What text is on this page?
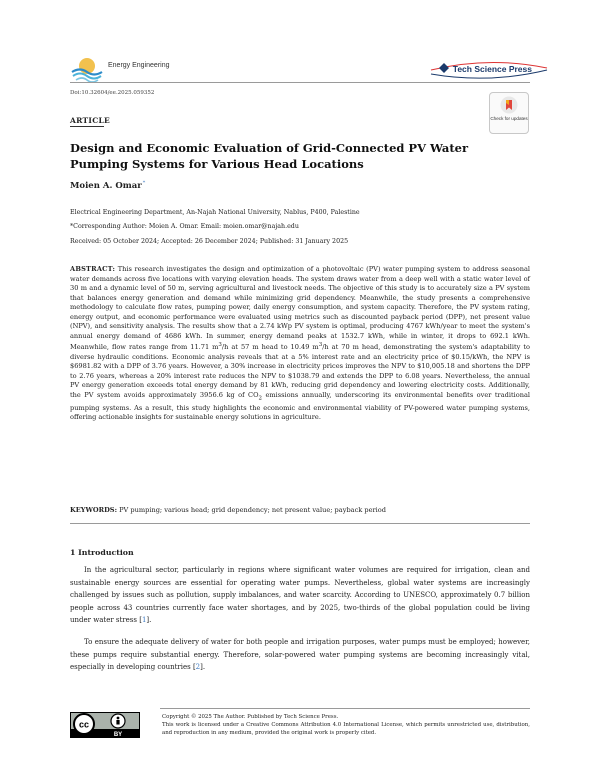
Energy Engineering	Tech Science Press
Doi:10.32604/ee.2025.059352
ARTICLE	Check for updates
Design and Economic Evaluation of Grid-Connected PV Water Pumping Systems for Various Head Locations
Moien A. Omar*
Electrical Engineering Department, An-Najah National University, Nablus, P400, Palestine
*Corresponding Author: Moien A. Omar. Email: moien.omar@najah.edu
Received: 05 October 2024; Accepted: 26 December 2024; Published: 31 January 2025
ABSTRACT: This research investigates the design and optimization of a photovoltaic (PV) water pumping system to address seasonal water demands across five locations with varying elevation heads. The system draws water from a deep well with a static water level of 30 m and a dynamic level of 50 m, serving agricultural and livestock needs. The objective of this study is to accurately size a PV system that balances energy generation and demand while minimizing grid dependency. Meanwhile, the study presents a comprehensive methodology to calculate flow rates, pumping power, daily energy consumption, and system capacity. Therefore, the PV system rating, energy output, and economic performance were evaluated using metrics such as discounted payback period (DPP), net present value (NPV), and sensitivity analysis. The results show that a 2.74 kWp PV system is optimal, producing 4767 kWh/year to meet the system's annual energy demand of 4686 kWh. In summer, energy demand peaks at 1532.7 kWh, while in winter, it drops to 692.1 kWh. Meanwhile, flow rates range from 11.71 $m^3/h$ at 57 m head to 10.49 $m^3/h$ at 70 m head, demonstrating the system's adaptability to diverse hydraulic conditions. Economic analysis reveals that at a 5% interest rate and an electricity price of $0.15/kWh, the NPV is $6981.82 with a DPP of 3.76 years. However, a 30% increase in electricity prices improves the NPV to $10,005.18 and shortens the DPP to 2.76 years, whereas a 20% interest rate reduces the NPV to $1038.79 and extends the DPP to 6.08 years. Nevertheless, the annual PV energy generation exceeds total energy demand by 81 kWh, reducing grid dependency and lowering electricity costs. Additionally, the PV system avoids approximately 3956.6 kg of $CO_2$ emissions annually, underscoring its environmental benefits over traditional pumping systems. As a result, this study highlights the economic and environmental viability of PV-powered water pumping systems, offering actionable insights for sustainable energy solutions in agriculture.
KEYWORDS: PV pumping; various head; grid dependency; net present value; payback period
1 Introduction
In the agricultural sector, particularly in regions where significant water volumes are required for irrigation, clean and sustainable energy sources are essential for operating water pumps. Nevertheless, global water systems are increasingly challenged by issues such as pollution, supply imbalances, and water scarcity. According to UNESCO, approximately 0.7 billion people across 43 countries currently face water shortages, and by 2025, two-thirds of the global population could be living under water stress [1].
To ensure the adequate delivery of water for both people and irrigation purposes, water pumps must be employed; however, these pumps require substantial energy. Therefore, solar-powered water pumping systems are becoming increasingly vital, especially in developing countries [2].
cc
BY
Copyright © 2025 The Author. Published by Tech Science Press.
This work is licensed under a Creative Commons Attribution 4.0 International License, which permits unrestricted use, distribution, and reproduction in any medium, provided the original work is properly cited.
